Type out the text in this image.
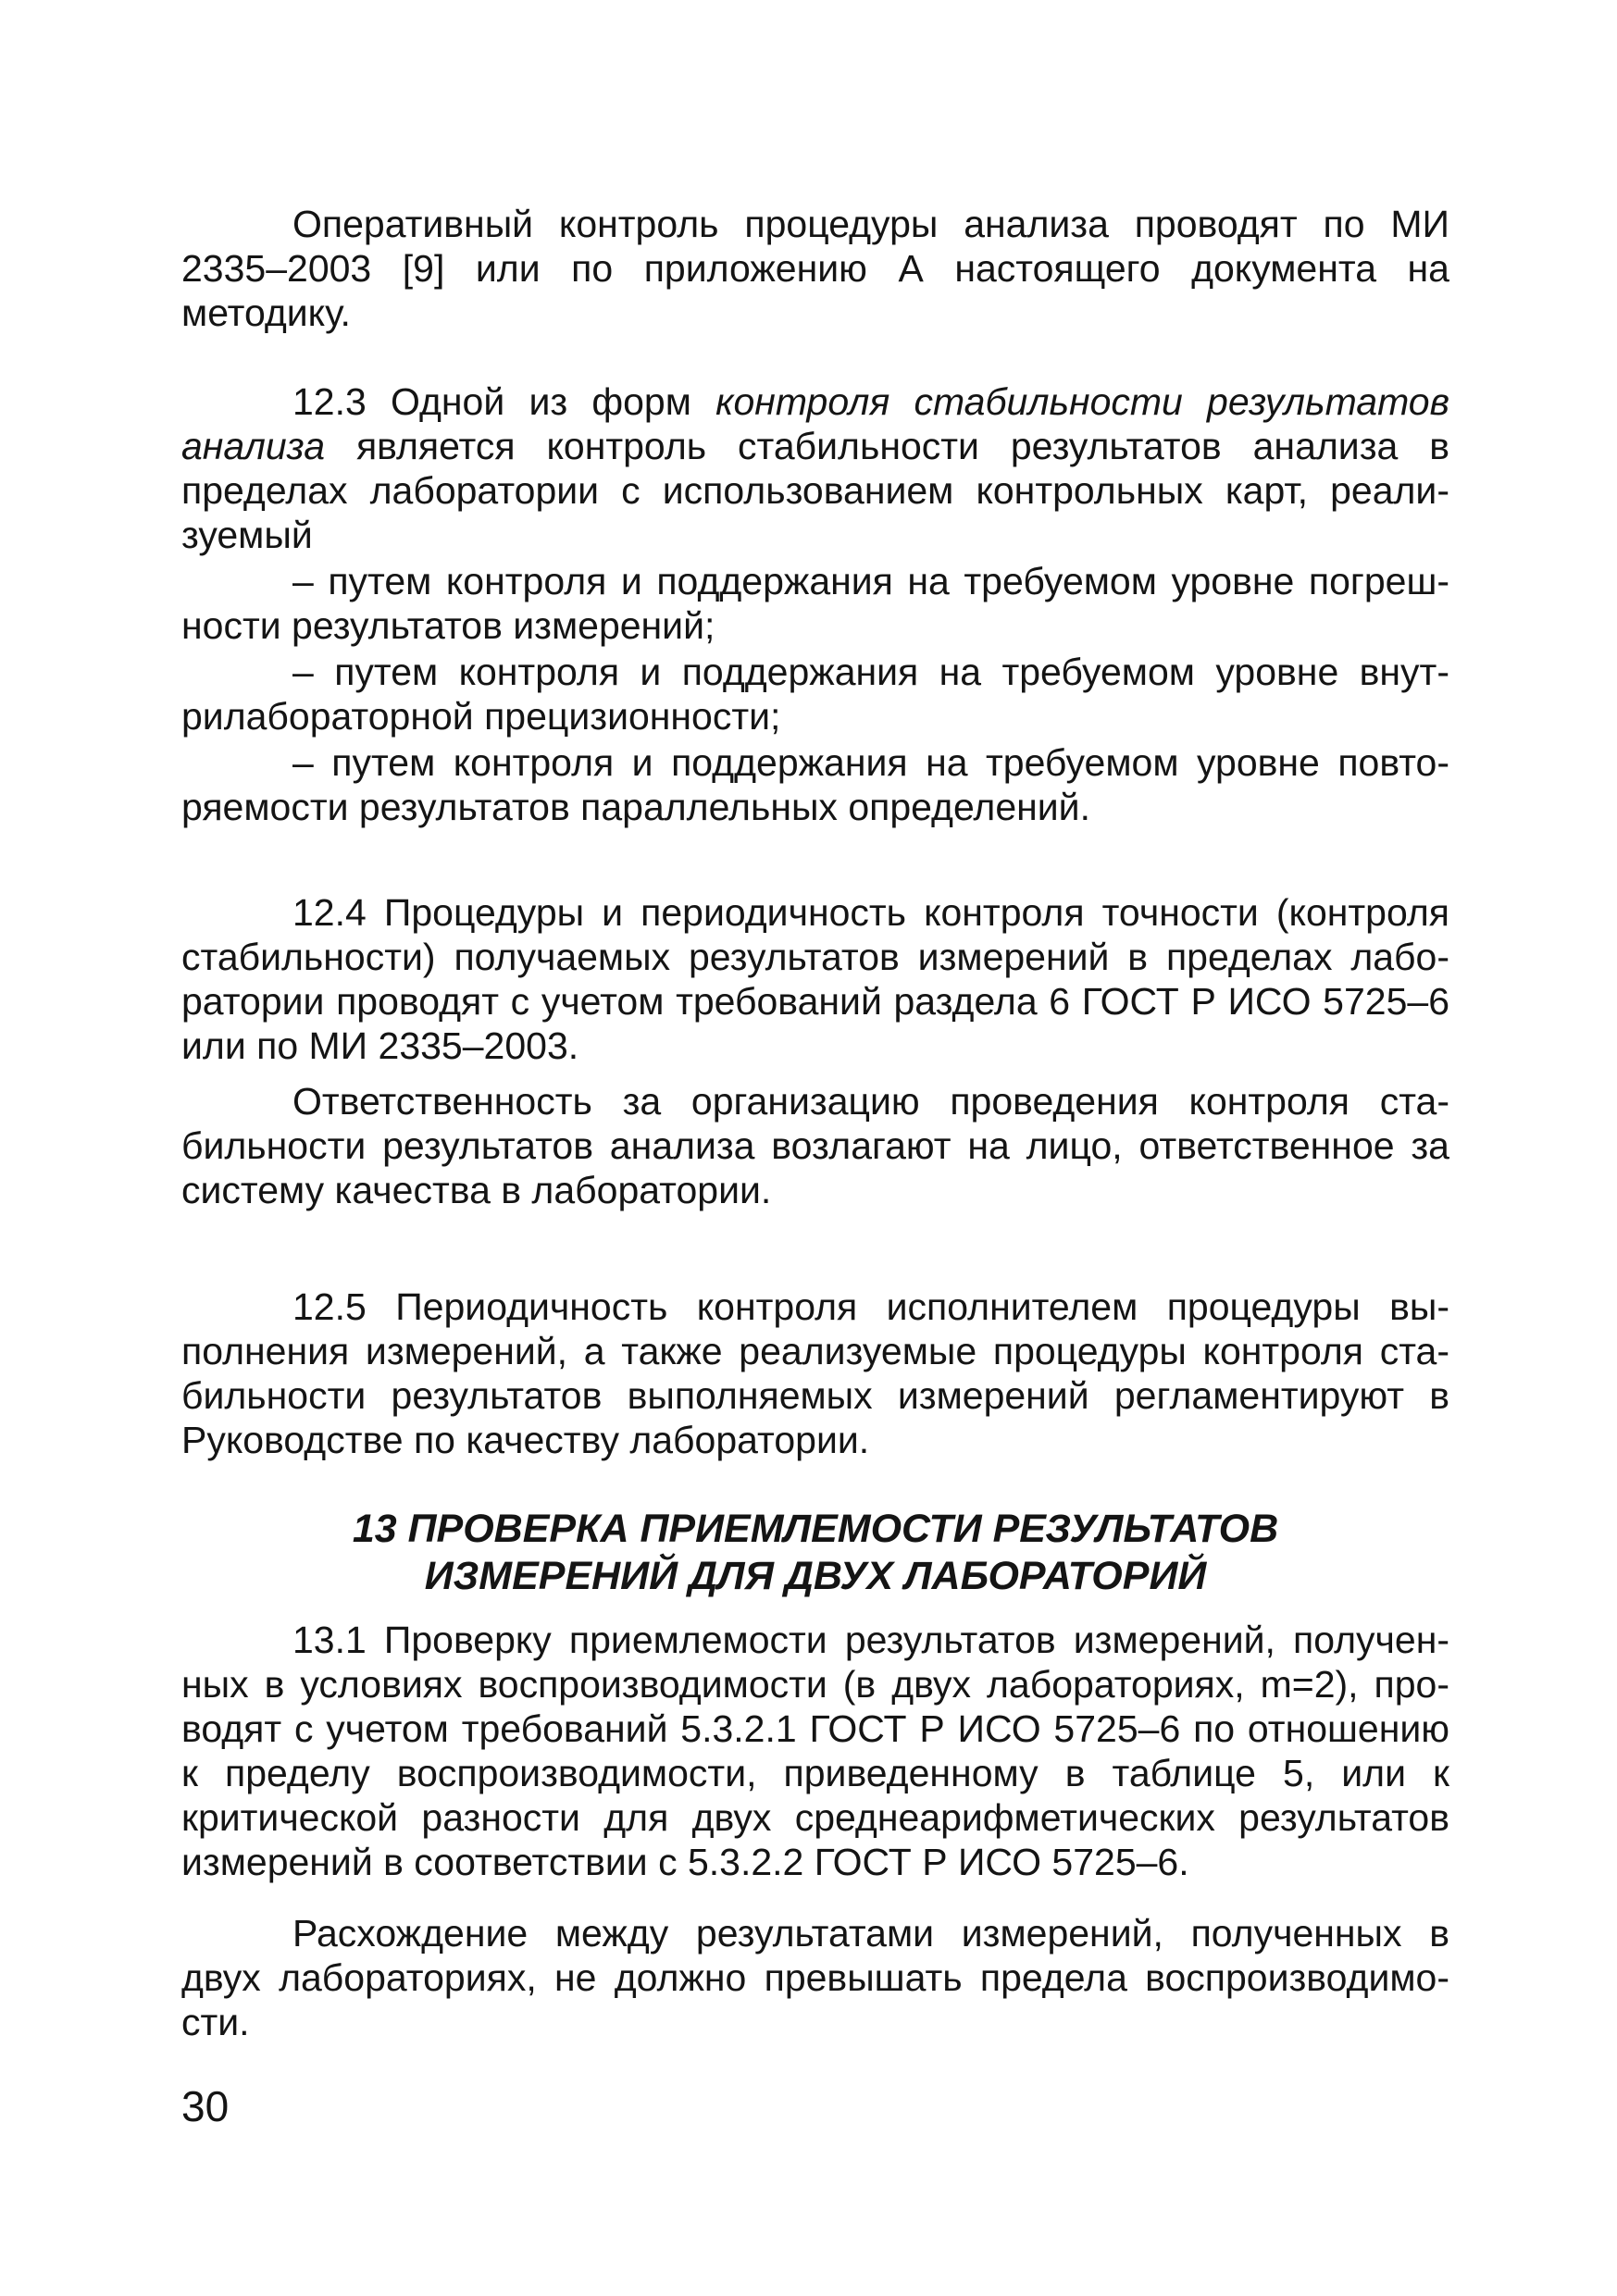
Оперативный контроль процедуры анализа проводят по МИ 2335–2003 [9] или по приложению А настоящего документа на методику.

12.3 Одной из форм контроля стабильности результатов анализа является контроль стабильности результатов анализа в пределах лаборатории с использованием контрольных карт, реализуемый

– путем контроля и поддержания на требуемом уровне погрешности результатов измерений;

– путем контроля и поддержания на требуемом уровне внутрилабораторной прецизионности;

– путем контроля и поддержания на требуемом уровне повторяемости результатов параллельных определений.

12.4 Процедуры и периодичность контроля точности (контроля стабильности) получаемых результатов измерений в пределах лаборатории проводят с учетом требований раздела 6 ГОСТ Р ИСО 5725–6 или по МИ 2335–2003.

Ответственность за организацию проведения контроля стабильности результатов анализа возлагают на лицо, ответственное за систему качества в лаборатории.

12.5 Периодичность контроля исполнителем процедуры выполнения измерений, а также реализуемые процедуры контроля стабильности результатов выполняемых измерений регламентируют в Руководстве по качеству лаборатории.

13 ПРОВЕРКА ПРИЕМЛЕМОСТИ РЕЗУЛЬТАТОВ
ИЗМЕРЕНИЙ ДЛЯ ДВУХ ЛАБОРАТОРИЙ

13.1 Проверку приемлемости результатов измерений, полученных в условиях воспроизводимости (в двух лабораториях, m=2), проводят с учетом требований 5.3.2.1 ГОСТ Р ИСО 5725–6 по отношению к пределу воспроизводимости, приведенному в таблице 5, или к критической разности для двух среднеарифметических результатов измерений в соответствии с 5.3.2.2 ГОСТ Р ИСО 5725–6.

Расхождение между результатами измерений, полученных в двух лабораториях, не должно превышать предела воспроизводимости.

30
